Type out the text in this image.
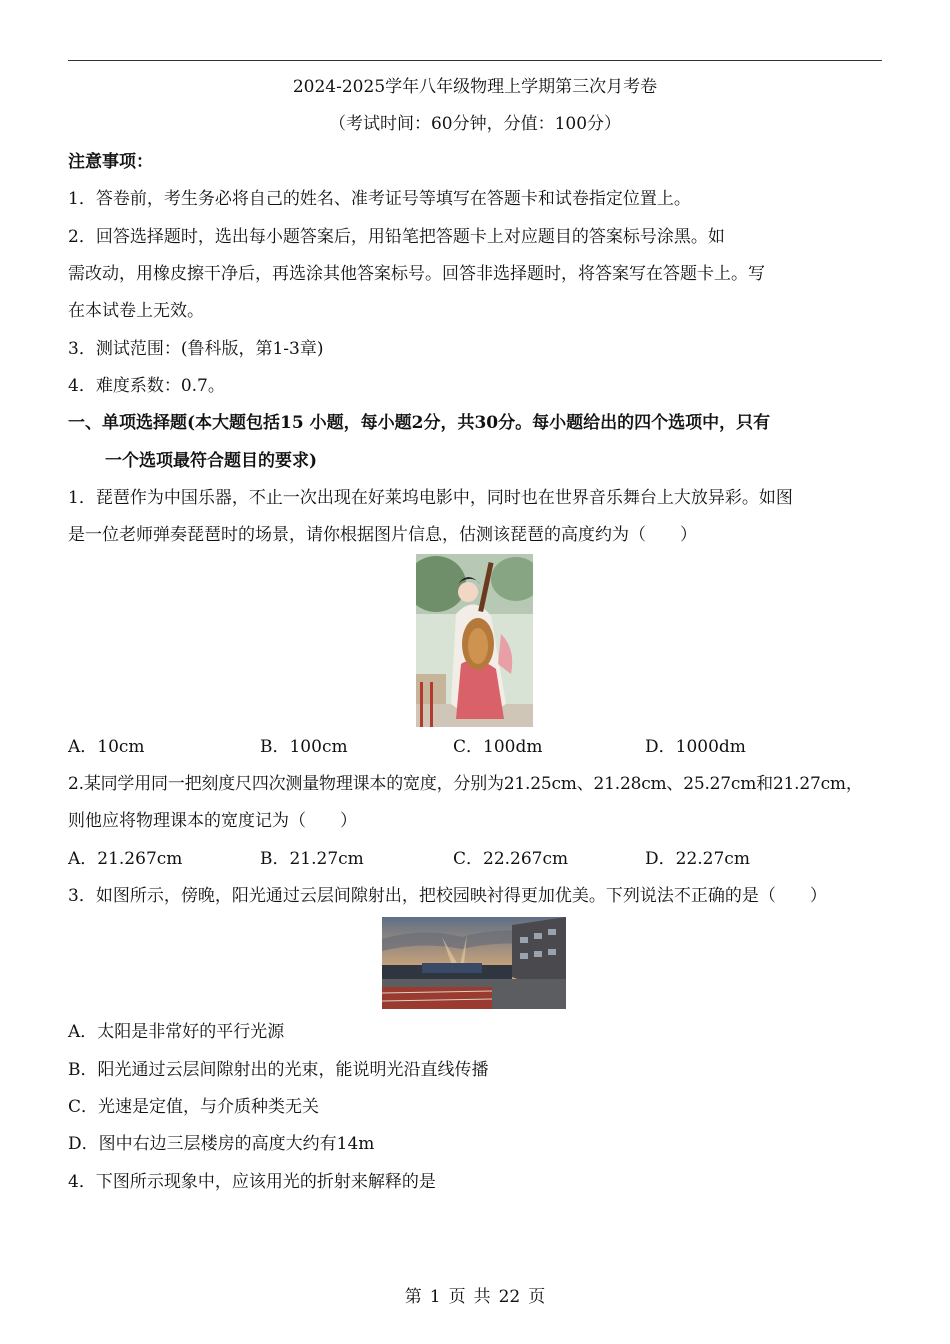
2024-2025学年八年级物理上学期第三次月考卷
（考试时间：60分钟，分值：100分）
注意事项：
1．答卷前，考生务必将自己的姓名、准考证号等填写在答题卡和试卷指定位置上。
2．回答选择题时，选出每小题答案后，用铅笔把答题卡上对应题目的答案标号涂黑。如
需改动，用橡皮擦干净后，再选涂其他答案标号。回答非选择题时，将答案写在答题卡上。写
在本试卷上无效。
3．测试范围：(鲁科版，第1-3章)
4．难度系数：0.7。
一、单项选择题(本大题包括15 小题，每小题2分，共30分。每小题给出的四个选项中，只有
一个选项最符合题目的要求)
1．琵琶作为中国乐器，不止一次出现在好莱坞电影中，同时也在世界音乐舞台上大放异彩。如图
是一位老师弹奏琵琶时的场景，请你根据图片信息，估测该琵琶的高度约为（　　）
A．10cm	B．100cm	C．100dm	D．1000dm
2.某同学用同一把刻度尺四次测量物理课本的宽度，分别为21.25cm、21.28cm、25.27cm和21.27cm，
则他应将物理课本的宽度记为（　　）
A．21.267cm	B．21.27cm	C．22.267cm	D．22.27cm
3．如图所示，傍晚，阳光通过云层间隙射出，把校园映衬得更加优美。下列说法不正确的是（　　）
A．太阳是非常好的平行光源
B．阳光通过云层间隙射出的光束，能说明光沿直线传播
C．光速是定值，与介质种类无关
D．图中右边三层楼房的高度大约有14m
4．下图所示现象中，应该用光的折射来解释的是
第 1 页 共 22 页
